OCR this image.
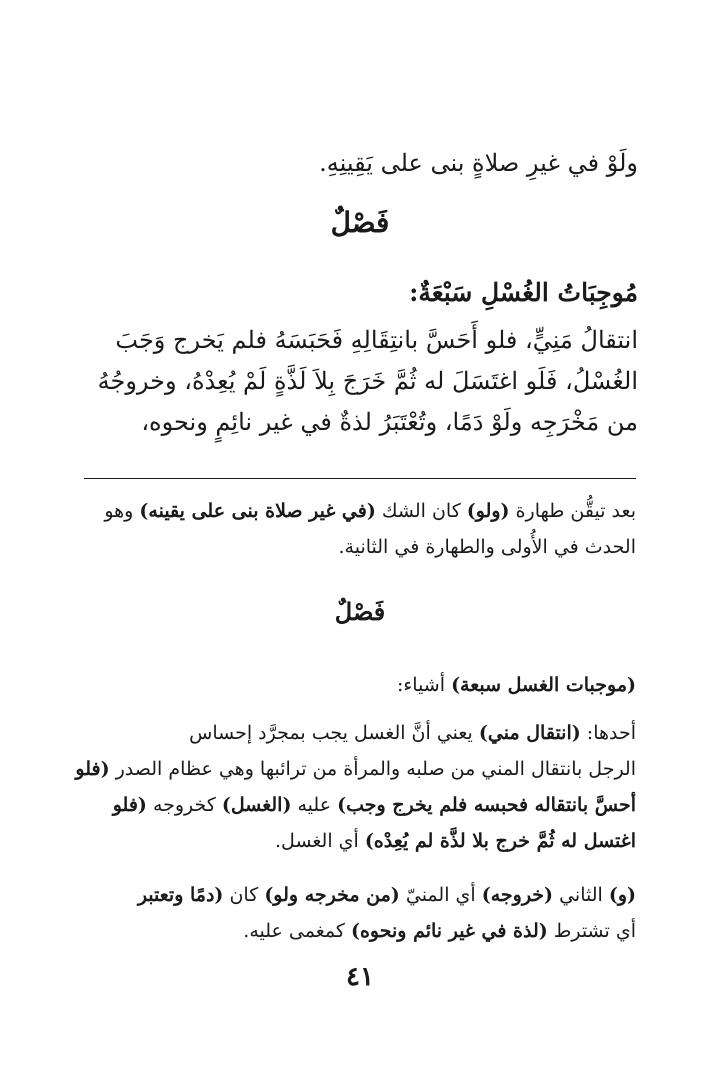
ولَوْ في غيرِ صلاةٍ بنى على يَقِينِهِ.
فَصْلٌ
مُوجِبَاتُ الغُسْلِ سَبْعَةٌ:
انتقالُ مَنِيٍّ، فلو أَحَسَّ بانتِقَالِهِ فَحَبَسَهُ فلم يَخرج وَجَبَ
الغُسْلُ، فَلَو اغتَسَلَ له ثُمَّ خَرَجَ بِلاَ لَذَّةٍ لَمْ يُعِدْهُ، وخروجُهُ
من مَخْرَجِه ولَوْ دَمًا، وتُعْتَبَرُ لذةٌ في غير نائِمٍ ونحوه،
بعد تيقُّن طهارة (ولو) كان الشك (في غير صلاة بنى على يقينه) وهو
الحدث في الأُولى والطهارة في الثانية.
فَصْلٌ
(موجبات الغسل سبعة) أشياء:
أحدها: (انتقال مني) يعني أنَّ الغسل يجب بمجرَّد إحساس
الرجل بانتقال المني من صلبه والمرأة من ترائبها وهي عظام الصدر (فلو
أحسَّ بانتقاله فحبسه فلم يخرج وجب) عليه (الغسل) كخروجه (فلو
اغتسل له ثُمَّ خرج بلا لذَّة لم يُعِدْه) أي الغسل.
(و) الثاني (خروجه) أي المنيّ (من مخرجه ولو) كان (دمًا وتعتبر
أي تشترط (لذة في غير نائم ونحوه) كمغمى عليه.
٤١
